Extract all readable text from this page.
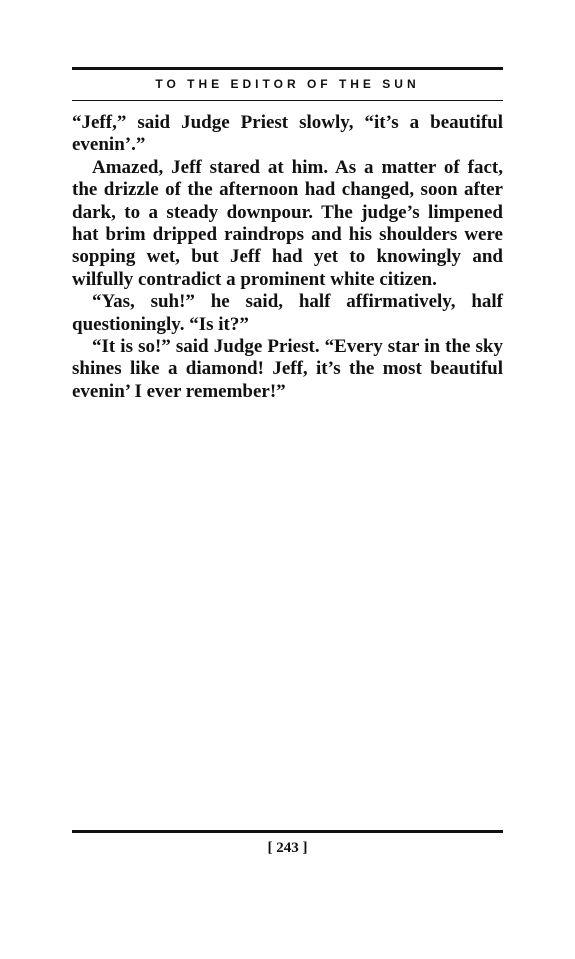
TO THE EDITOR OF THE SUN

“Jeff,” said Judge Priest slowly, “it’s a beautiful evenin’.”

Amazed, Jeff stared at him. As a matter of fact, the drizzle of the afternoon had changed, soon after dark, to a steady downpour. The judge’s limpened hat brim dripped raindrops and his shoulders were sopping wet, but Jeff had yet to knowingly and wilfully contradict a prominent white citizen.

“Yas, suh!” he said, half affirmatively, half questioningly. “Is it?”

“It is so!” said Judge Priest. “Every star in the sky shines like a diamond! Jeff, it’s the most beautiful evenin’ I ever remember!”

[ 243 ]
